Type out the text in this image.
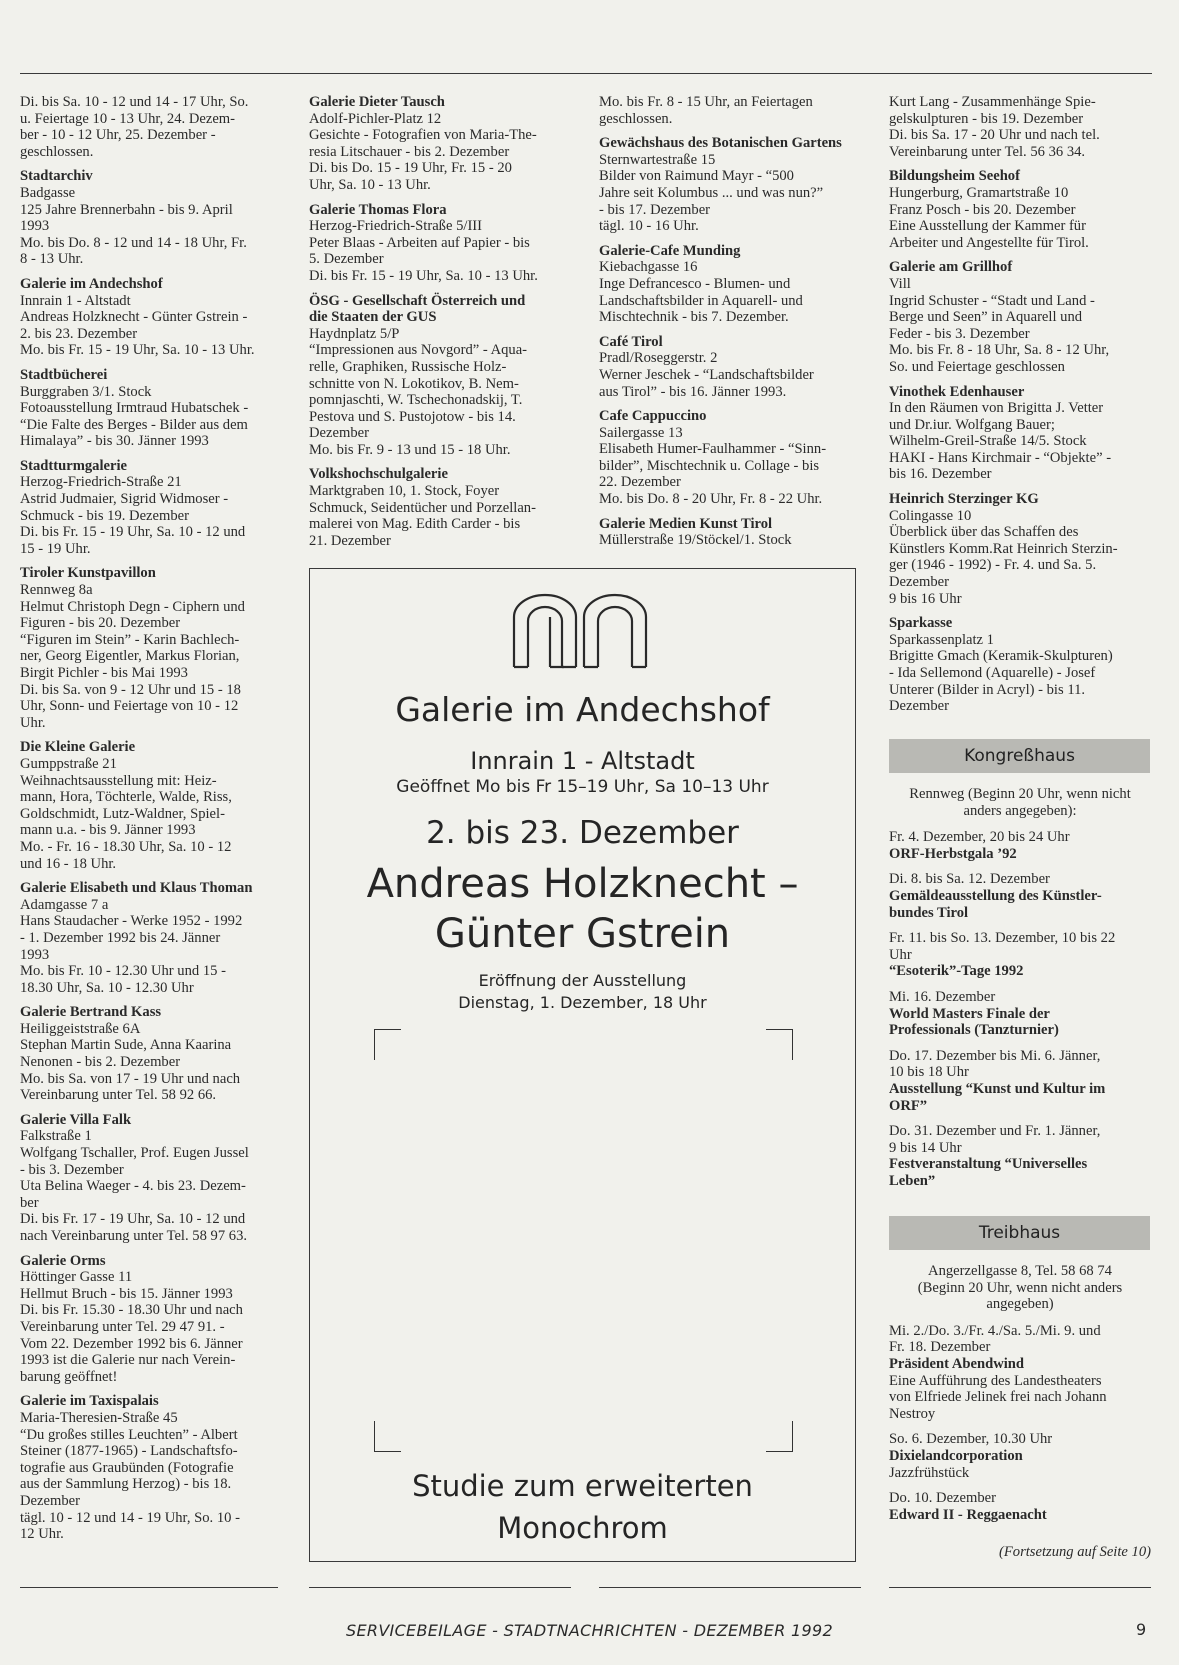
Di. bis Sa. 10 - 12 und 14 - 17 Uhr, So.
u. Feiertage 10 - 13 Uhr, 24. Dezem-
ber - 10 - 12 Uhr, 25. Dezember -
geschlossen.
Stadtarchiv
Badgasse
125 Jahre Brennerbahn - bis 9. April
1993
Mo. bis Do. 8 - 12 und 14 - 18 Uhr, Fr.
8 - 13 Uhr.
Galerie im Andechshof
Innrain 1 - Altstadt
Andreas Holzknecht - Günter Gstrein -
2. bis 23. Dezember
Mo. bis Fr. 15 - 19 Uhr, Sa. 10 - 13 Uhr.
Stadtbücherei
Burggraben 3/1. Stock
Fotoausstellung Irmtraud Hubatschek -
“Die Falte des Berges - Bilder aus dem
Himalaya” - bis 30. Jänner 1993
Stadtturmgalerie
Herzog-Friedrich-Straße 21
Astrid Judmaier, Sigrid Widmoser -
Schmuck - bis 19. Dezember
Di. bis Fr. 15 - 19 Uhr, Sa. 10 - 12 und
15 - 19 Uhr.
Tiroler Kunstpavillon
Rennweg 8a
Helmut Christoph Degn - Ciphern und
Figuren - bis 20. Dezember
“Figuren im Stein” - Karin Bachlech-
ner, Georg Eigentler, Markus Florian,
Birgit Pichler - bis Mai 1993
Di. bis Sa. von 9 - 12 Uhr und 15 - 18
Uhr, Sonn- und Feiertage von 10 - 12
Uhr.
Die Kleine Galerie
Gumppstraße 21
Weihnachtsausstellung mit: Heiz-
mann, Hora, Töchterle, Walde, Riss,
Goldschmidt, Lutz-Waldner, Spiel-
mann u.a. - bis 9. Jänner 1993
Mo. - Fr. 16 - 18.30 Uhr, Sa. 10 - 12
und 16 - 18 Uhr.
Galerie Elisabeth und Klaus Thoman
Adamgasse 7 a
Hans Staudacher - Werke 1952 - 1992
- 1. Dezember 1992 bis 24. Jänner
1993
Mo. bis Fr. 10 - 12.30 Uhr und 15 -
18.30 Uhr, Sa. 10 - 12.30 Uhr
Galerie Bertrand Kass
Heiliggeiststraße 6A
Stephan Martin Sude, Anna Kaarina
Nenonen - bis 2. Dezember
Mo. bis Sa. von 17 - 19 Uhr und nach
Vereinbarung unter Tel. 58 92 66.
Galerie Villa Falk
Falkstraße 1
Wolfgang Tschaller, Prof. Eugen Jussel
- bis 3. Dezember
Uta Belina Waeger - 4. bis 23. Dezem-
ber
Di. bis Fr. 17 - 19 Uhr, Sa. 10 - 12 und
nach Vereinbarung unter Tel. 58 97 63.
Galerie Orms
Höttinger Gasse 11
Hellmut Bruch - bis 15. Jänner 1993
Di. bis Fr. 15.30 - 18.30 Uhr und nach
Vereinbarung unter Tel. 29 47 91. -
Vom 22. Dezember 1992 bis 6. Jänner
1993 ist die Galerie nur nach Verein-
barung geöffnet!
Galerie im Taxispalais
Maria-Theresien-Straße 45
“Du großes stilles Leuchten” - Albert
Steiner (1877-1965) - Landschaftsfo-
tografie aus Graubünden (Fotografie
aus der Sammlung Herzog) - bis 18.
Dezember
tägl. 10 - 12 und 14 - 19 Uhr, So. 10 -
12 Uhr.
Galerie Dieter Tausch
Adolf-Pichler-Platz 12
Gesichte - Fotografien von Maria-The-
resia Litschauer - bis 2. Dezember
Di. bis Do. 15 - 19 Uhr, Fr. 15 - 20
Uhr, Sa. 10 - 13 Uhr.
Galerie Thomas Flora
Herzog-Friedrich-Straße 5/III
Peter Blaas - Arbeiten auf Papier - bis
5. Dezember
Di. bis Fr. 15 - 19 Uhr, Sa. 10 - 13 Uhr.
ÖSG - Gesellschaft Österreich und
die Staaten der GUS
Haydnplatz 5/P
“Impressionen aus Novgord” - Aqua-
relle, Graphiken, Russische Holz-
schnitte von N. Lokotikov, B. Nem-
pomnjaschti, W. Tschechonadskij, T.
Pestova und S. Pustojotow - bis 14.
Dezember
Mo. bis Fr. 9 - 13 und 15 - 18 Uhr.
Volkshochschulgalerie
Marktgraben 10, 1. Stock, Foyer
Schmuck, Seidentücher und Porzellan-
malerei von Mag. Edith Carder - bis
21. Dezember
Mo. bis Fr. 8 - 15 Uhr, an Feiertagen
geschlossen.
Gewächshaus des Botanischen Gartens
Sternwartestraße 15
Bilder von Raimund Mayr - “500
Jahre seit Kolumbus ... und was nun?”
- bis 17. Dezember
tägl. 10 - 16 Uhr.
Galerie-Cafe Munding
Kiebachgasse 16
Inge Defrancesco - Blumen- und
Landschaftsbilder in Aquarell- und
Mischtechnik - bis 7. Dezember.
Café Tirol
Pradl/Roseggerstr. 2
Werner Jeschek - “Landschaftsbilder
aus Tirol” - bis 16. Jänner 1993.
Cafe Cappuccino
Sailergasse 13
Elisabeth Humer-Faulhammer - “Sinn-
bilder”, Mischtechnik u. Collage - bis
22. Dezember
Mo. bis Do. 8 - 20 Uhr, Fr. 8 - 22 Uhr.
Galerie Medien Kunst Tirol
Müllerstraße 19/Stöckel/1. Stock
Kurt Lang - Zusammenhänge Spie-
gelskulpturen - bis 19. Dezember
Di. bis Sa. 17 - 20 Uhr und nach tel.
Vereinbarung unter Tel. 56 36 34.
Bildungsheim Seehof
Hungerburg, Gramartstraße 10
Franz Posch - bis 20. Dezember
Eine Ausstellung der Kammer für
Arbeiter und Angestellte für Tirol.
Galerie am Grillhof
Vill
Ingrid Schuster - “Stadt und Land -
Berge und Seen” in Aquarell und
Feder - bis 3. Dezember
Mo. bis Fr. 8 - 18 Uhr, Sa. 8 - 12 Uhr,
So. und Feiertage geschlossen
Vinothek Edenhauser
In den Räumen von Brigitta J. Vetter
und Dr.iur. Wolfgang Bauer;
Wilhelm-Greil-Straße 14/5. Stock
HAKI - Hans Kirchmair - “Objekte” -
bis 16. Dezember
Heinrich Sterzinger KG
Colingasse 10
Überblick über das Schaffen des
Künstlers Komm.Rat Heinrich Sterzin-
ger (1946 - 1992) - Fr. 4. und Sa. 5.
Dezember
9 bis 16 Uhr
Sparkasse
Sparkassenplatz 1
Brigitte Gmach (Keramik-Skulpturen)
- Ida Sellemond (Aquarelle) - Josef
Unterer (Bilder in Acryl) - bis 11.
Dezember
Galerie im Andechshof
Innrain 1 - Altstadt
Geöffnet Mo bis Fr 15–19 Uhr, Sa 10–13 Uhr
2. bis 23. Dezember
Andreas Holzknecht –
Günter Gstrein
Eröffnung der Ausstellung
Dienstag, 1. Dezember, 18 Uhr
Studie zum erweiterten
Monochrom
Kongreßhaus
Rennweg (Beginn 20 Uhr, wenn nicht
anders angegeben):
Fr. 4. Dezember, 20 bis 24 Uhr
ORF-Herbstgala ’92
Di. 8. bis Sa. 12. Dezember
Gemäldeausstellung des Künstler-
bundes Tirol
Fr. 11. bis So. 13. Dezember, 10 bis 22
Uhr
“Esoterik”-Tage 1992
Mi. 16. Dezember
World Masters Finale der
Professionals (Tanzturnier)
Do. 17. Dezember bis Mi. 6. Jänner,
10 bis 18 Uhr
Ausstellung “Kunst und Kultur im
ORF”
Do. 31. Dezember und Fr. 1. Jänner,
9 bis 14 Uhr
Festveranstaltung “Universelles
Leben”
Treibhaus
Angerzellgasse 8, Tel. 58 68 74
(Beginn 20 Uhr, wenn nicht anders
angegeben)
Mi. 2./Do. 3./Fr. 4./Sa. 5./Mi. 9. und
Fr. 18. Dezember
Präsident Abendwind
Eine Aufführung des Landestheaters
von Elfriede Jelinek frei nach Johann
Nestroy
So. 6. Dezember, 10.30 Uhr
Dixielandcorporation
Jazzfrühstück
Do. 10. Dezember
Edward II - Reggaenacht
(Fortsetzung auf Seite 10)
SERVICEBEILAGE - STADTNACHRICHTEN - DEZEMBER 1992	9
